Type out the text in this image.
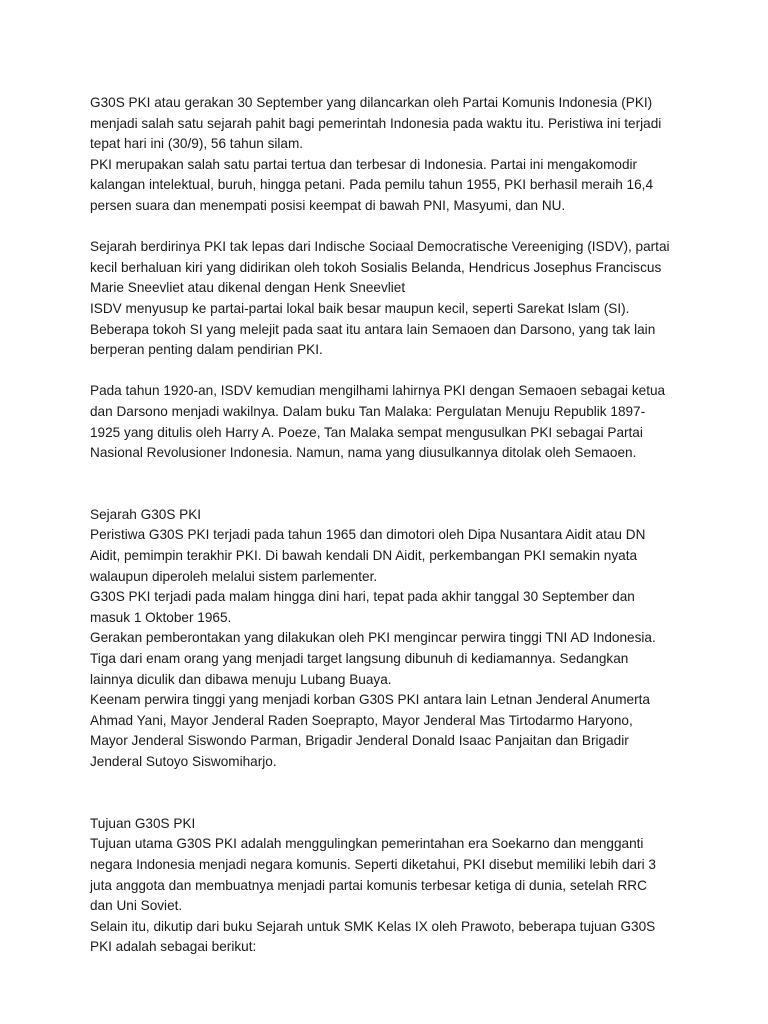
G30S PKI atau gerakan 30 September yang dilancarkan oleh Partai Komunis Indonesia (PKI)

menjadi salah satu sejarah pahit bagi pemerintah Indonesia pada waktu itu. Peristiwa ini terjadi

tepat hari ini (30/9), 56 tahun silam.

PKI merupakan salah satu partai tertua dan terbesar di Indonesia. Partai ini mengakomodir

kalangan intelektual, buruh, hingga petani. Pada pemilu tahun 1955, PKI berhasil meraih 16,4

persen suara dan menempati posisi keempat di bawah PNI, Masyumi, dan NU.

Sejarah berdirinya PKI tak lepas dari Indische Sociaal Democratische Vereeniging (ISDV), partai

kecil berhaluan kiri yang didirikan oleh tokoh Sosialis Belanda, Hendricus Josephus Franciscus

Marie Sneevliet atau dikenal dengan Henk Sneevliet

ISDV menyusup ke partai-partai lokal baik besar maupun kecil, seperti Sarekat Islam (SI).

Beberapa tokoh SI yang melejit pada saat itu antara lain Semaoen dan Darsono, yang tak lain

berperan penting dalam pendirian PKI.

Pada tahun 1920-an, ISDV kemudian mengilhami lahirnya PKI dengan Semaoen sebagai ketua

dan Darsono menjadi wakilnya. Dalam buku Tan Malaka: Pergulatan Menuju Republik 1897-

1925 yang ditulis oleh Harry A. Poeze, Tan Malaka sempat mengusulkan PKI sebagai Partai

Nasional Revolusioner Indonesia. Namun, nama yang diusulkannya ditolak oleh Semaoen.

Sejarah G30S PKI

Peristiwa G30S PKI terjadi pada tahun 1965 dan dimotori oleh Dipa Nusantara Aidit atau DN

Aidit, pemimpin terakhir PKI. Di bawah kendali DN Aidit, perkembangan PKI semakin nyata

walaupun diperoleh melalui sistem parlementer.

G30S PKI terjadi pada malam hingga dini hari, tepat pada akhir tanggal 30 September dan

masuk 1 Oktober 1965.

Gerakan pemberontakan yang dilakukan oleh PKI mengincar perwira tinggi TNI AD Indonesia.

Tiga dari enam orang yang menjadi target langsung dibunuh di kediamannya. Sedangkan

lainnya diculik dan dibawa menuju Lubang Buaya.

Keenam perwira tinggi yang menjadi korban G30S PKI antara lain Letnan Jenderal Anumerta

Ahmad Yani, Mayor Jenderal Raden Soeprapto, Mayor Jenderal Mas Tirtodarmo Haryono,

Mayor Jenderal Siswondo Parman, Brigadir Jenderal Donald Isaac Panjaitan dan Brigadir

Jenderal Sutoyo Siswomiharjo.

Tujuan G30S PKI

Tujuan utama G30S PKI adalah menggulingkan pemerintahan era Soekarno dan mengganti

negara Indonesia menjadi negara komunis. Seperti diketahui, PKI disebut memiliki lebih dari 3

juta anggota dan membuatnya menjadi partai komunis terbesar ketiga di dunia, setelah RRC

dan Uni Soviet.

Selain itu, dikutip dari buku Sejarah untuk SMK Kelas IX oleh Prawoto, beberapa tujuan G30S

PKI adalah sebagai berikut:
